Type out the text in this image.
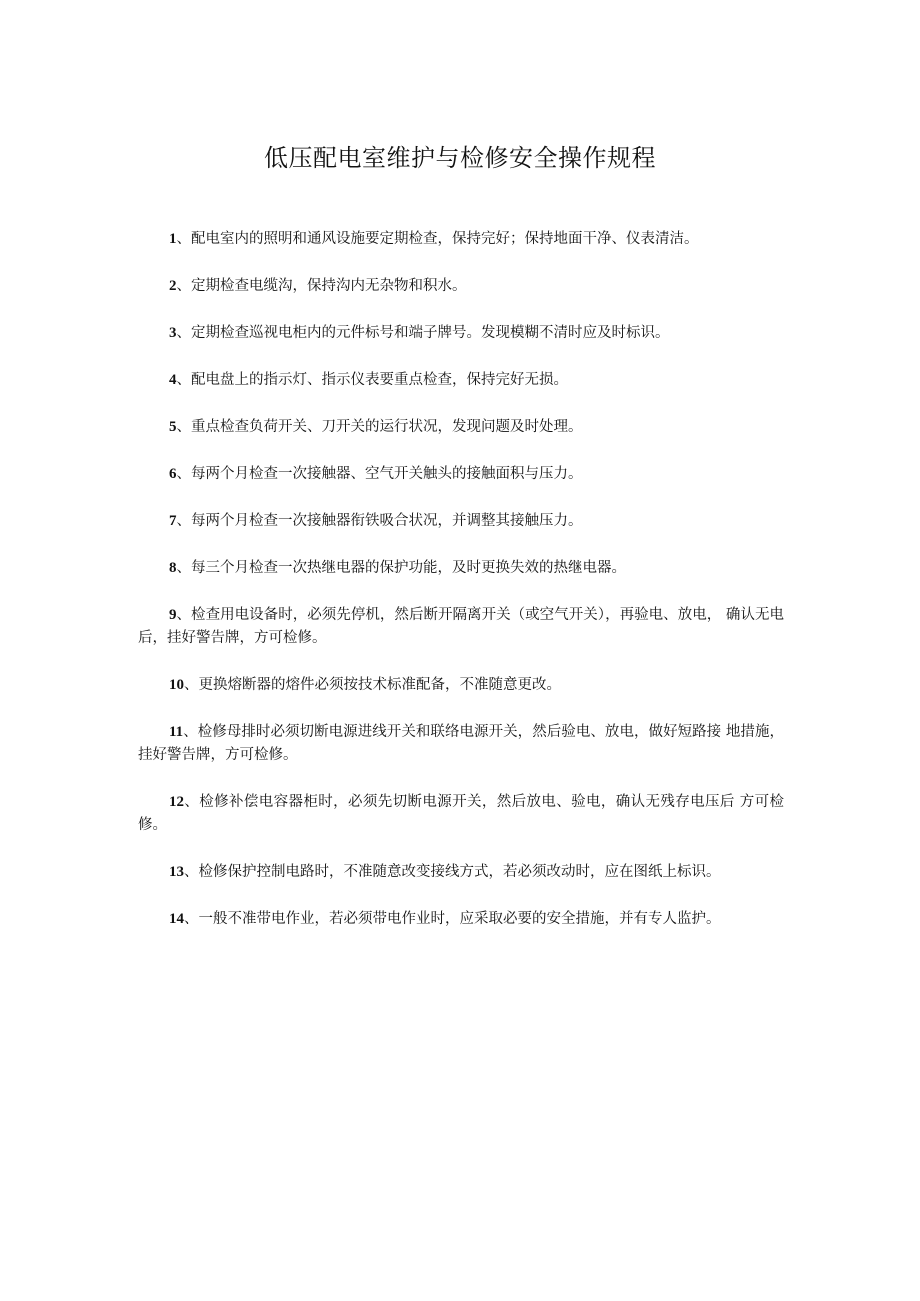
低压配电室维护与检修安全操作规程
1、配电室内的照明和通风设施要定期检查，保持完好；保持地面干净、仪表清洁。
2、定期检查电缆沟，保持沟内无杂物和积水。
3、定期检查巡视电柜内的元件标号和端子牌号。发现模糊不清时应及时标识。
4、配电盘上的指示灯、指示仪表要重点检查，保持完好无损。
5、重点检查负荷开关、刀开关的运行状况，发现问题及时处理。
6、每两个月检查一次接触器、空气开关触头的接触面积与压力。
7、每两个月检查一次接触器衔铁吸合状况，并调整其接触压力。
8、每三个月检查一次热继电器的保护功能，及时更换失效的热继电器。
9、检查用电设备时，必须先停机，然后断开隔离开关（或空气开关），再验电、放电， 确认无电后，挂好警告牌，方可检修。
10、更换熔断器的熔件必须按技术标准配备，不准随意更改。
11、检修母排时必须切断电源进线开关和联络电源开关，然后验电、放电，做好短路接 地措施，挂好警告牌，方可检修。
12、检修补偿电容器柜时，必须先切断电源开关，然后放电、验电，确认无残存电压后 方可检修。
13、检修保护控制电路时，不准随意改变接线方式，若必须改动时，应在图纸上标识。
14、一般不准带电作业，若必须带电作业时，应采取必要的安全措施，并有专人监护。
